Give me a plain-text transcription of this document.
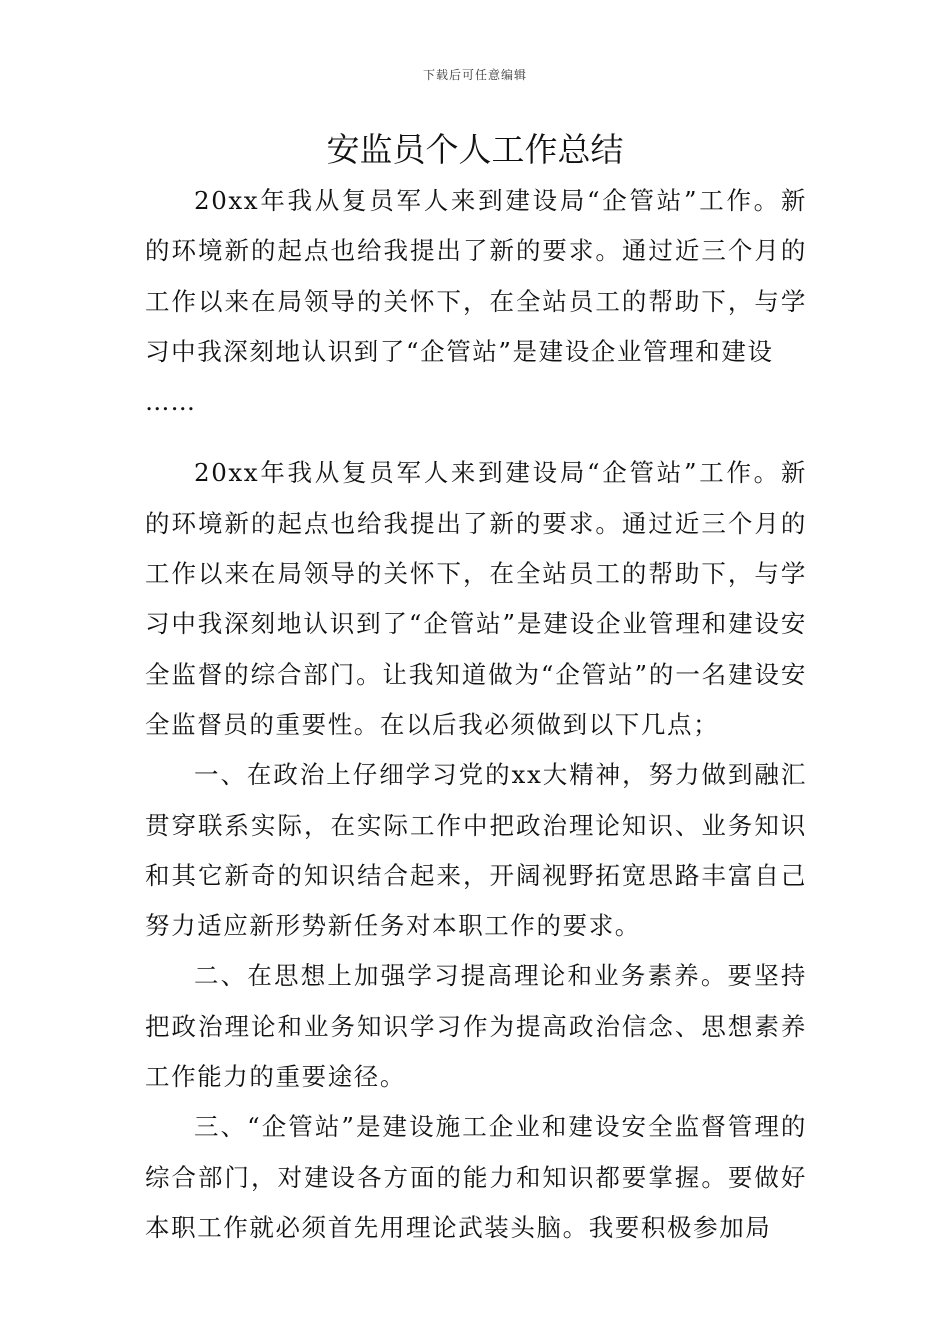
下载后可任意编辑
安监员个人工作总结

20xx年我从复员军人来到建设局“企管站”工作。新的环境新的起点也给我提出了新的要求。通过近三个月的工作以来在局领导的关怀下，在全站员工的帮助下，与学习中我深刻地认识到了“企管站”是建设企业管理和建设

……

20xx年我从复员军人来到建设局“企管站”工作。新的环境新的起点也给我提出了新的要求。通过近三个月的工作以来在局领导的关怀下，在全站员工的帮助下，与学习中我深刻地认识到了“企管站”是建设企业管理和建设安全监督的综合部门。让我知道做为“企管站”的一名建设安全监督员的重要性。在以后我必须做到以下几点；

一、在政治上仔细学习党的xx大精神，努力做到融汇贯穿联系实际，在实际工作中把政治理论知识、业务知识和其它新奇的知识结合起来，开阔视野拓宽思路丰富自己努力适应新形势新任务对本职工作的要求。

二、在思想上加强学习提高理论和业务素养。要坚持把政治理论和业务知识学习作为提高政治信念、思想素养工作能力的重要途径。

三、“企管站”是建设施工企业和建设安全监督管理的综合部门，对建设各方面的能力和知识都要掌握。要做好本职工作就必须首先用理论武装头脑。我要积极参加局
